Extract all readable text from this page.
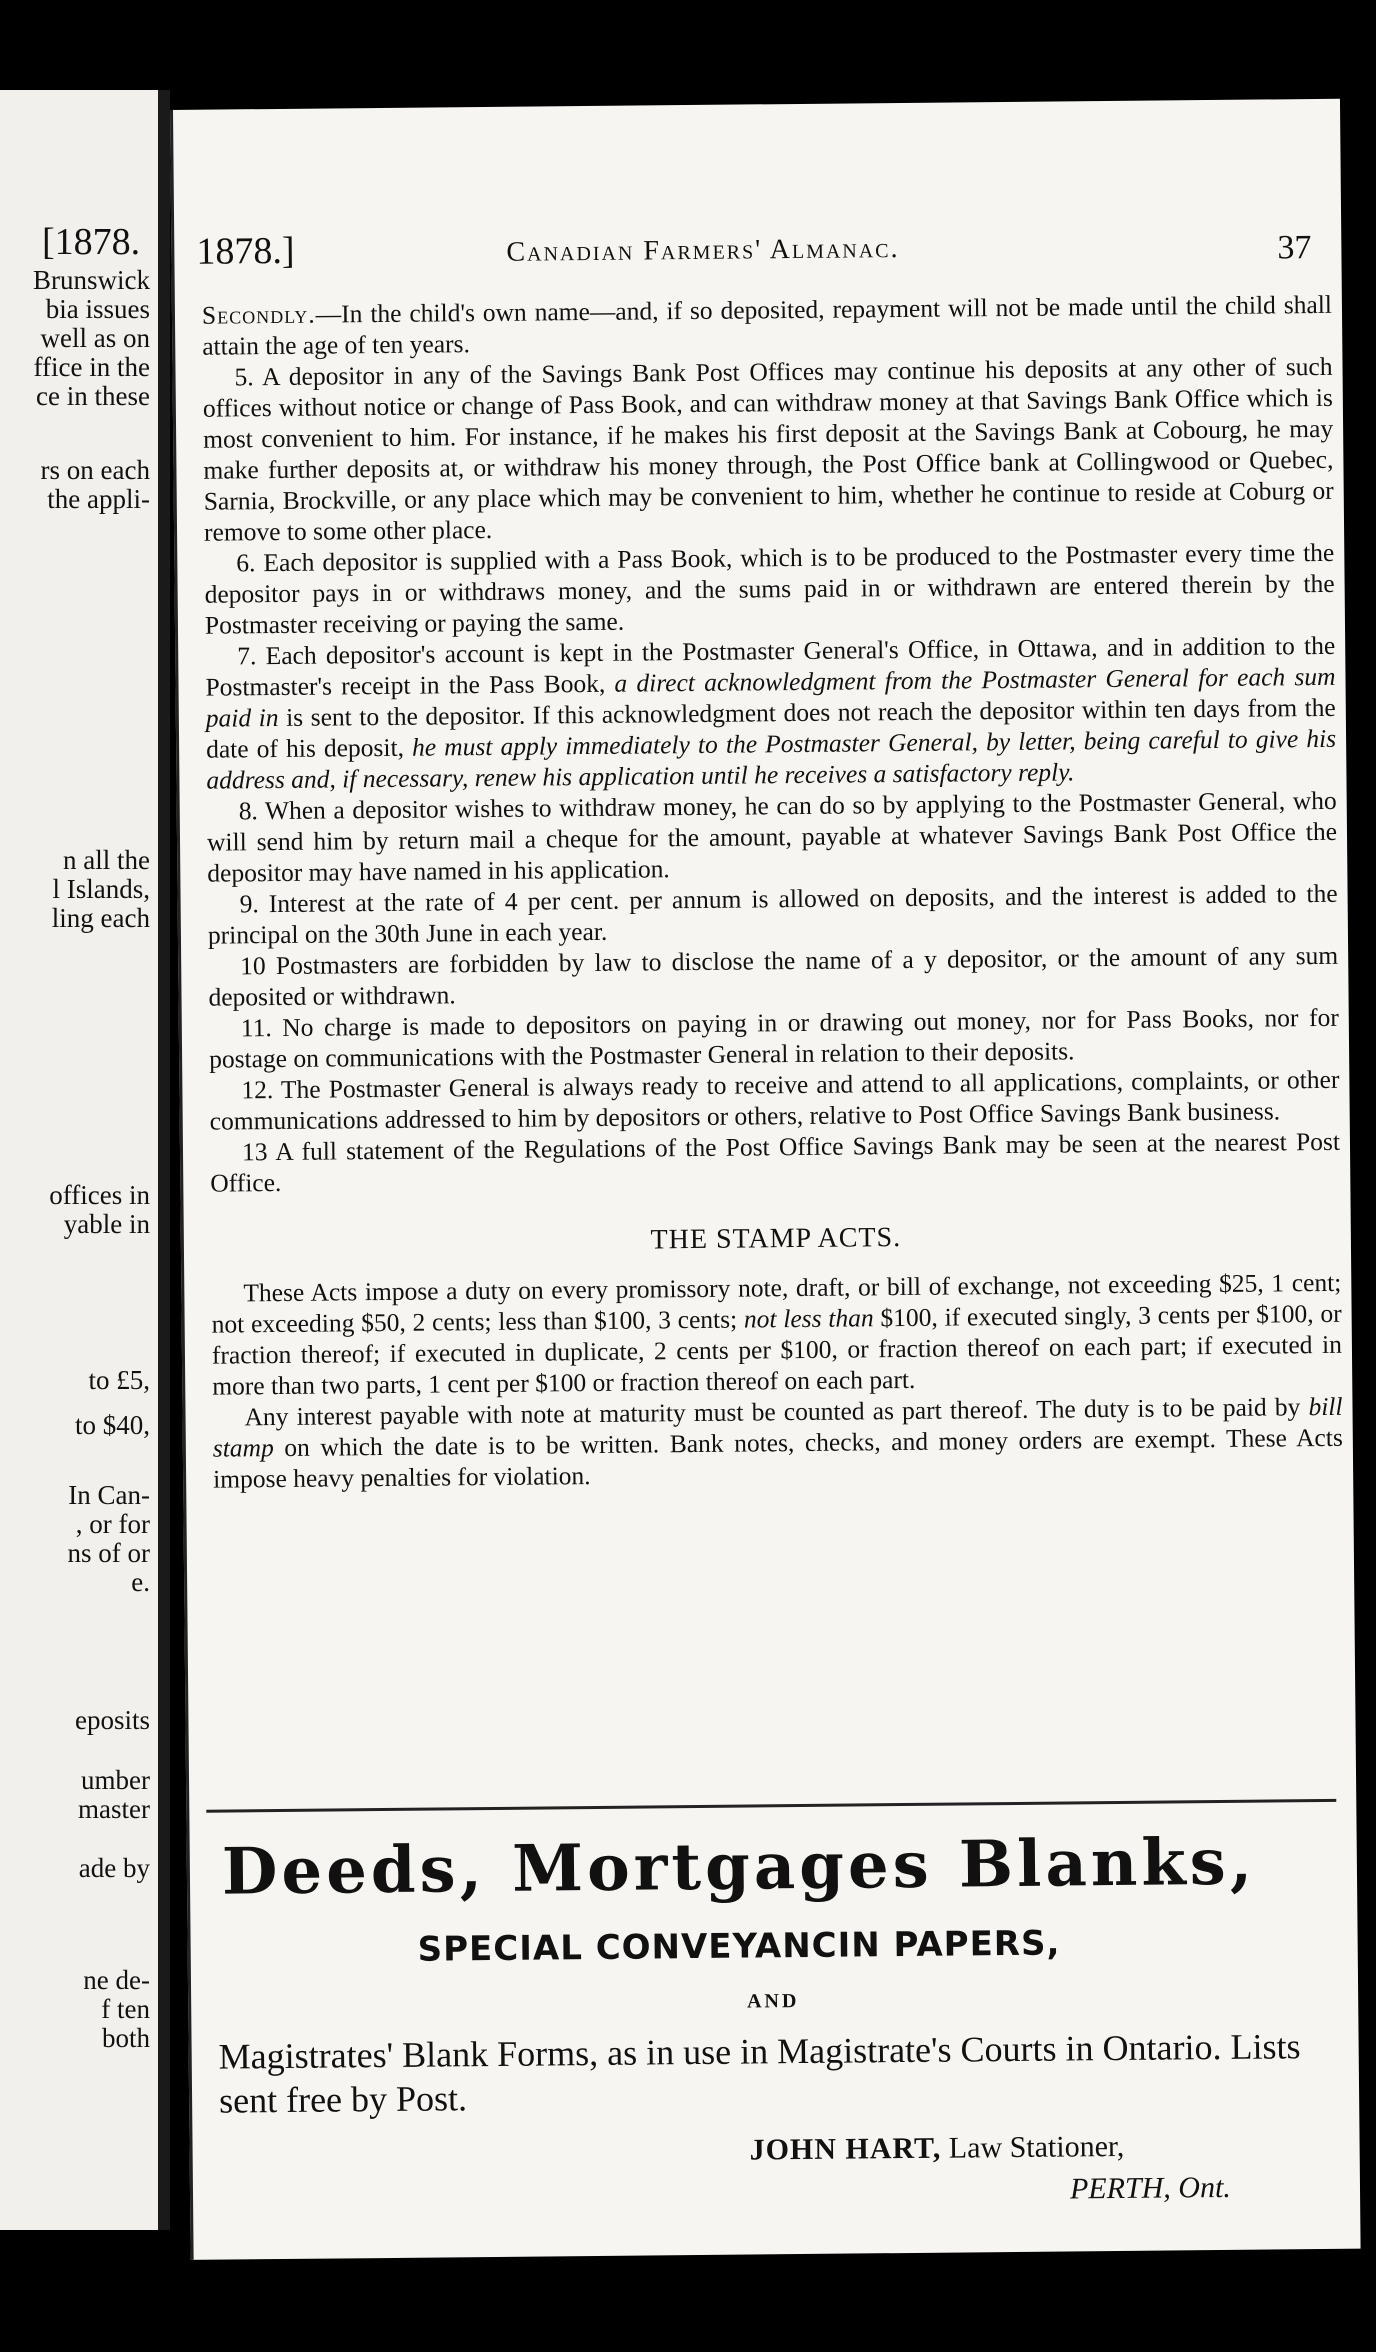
[1878.
Brunswick
bia issues
well as on
ffice in the
ce in these
rs on each
the appli-
n all the
l Islands,
ling each
offices in
yable in
to £5,
to $40,
In Can-
, or for
ns of or
e.
eposits
umber
master
ade by
ne de-
f ten
both
1878.]	Canadian Farmers' Almanac.	37

Secondly.—In the child's own name—and, if so deposited, repayment will not be made until the child shall attain the age of ten years.

5. A depositor in any of the Savings Bank Post Offices may continue his deposits at any other of such offices without notice or change of Pass Book, and can withdraw money at that Savings Bank Office which is most convenient to him. For instance, if he makes his first deposit at the Savings Bank at Cobourg, he may make further deposits at, or withdraw his money through, the Post Office bank at Collingwood or Quebec, Sarnia, Brockville, or any place which may be convenient to him, whether he continue to reside at Coburg or remove to some other place.

6. Each depositor is supplied with a Pass Book, which is to be produced to the Postmaster every time the depositor pays in or withdraws money, and the sums paid in or withdrawn are entered therein by the Postmaster receiving or paying the same.

7. Each depositor's account is kept in the Postmaster General's Office, in Ottawa, and in addition to the Postmaster's receipt in the Pass Book, a direct acknowledgment from the Postmaster General for each sum paid in is sent to the depositor. If this acknowledgment does not reach the depositor within ten days from the date of his deposit, he must apply immediately to the Postmaster General, by letter, being careful to give his address and, if necessary, renew his application until he receives a satisfactory reply.

8. When a depositor wishes to withdraw money, he can do so by applying to the Postmaster General, who will send him by return mail a cheque for the amount, payable at whatever Savings Bank Post Office the depositor may have named in his application.

9. Interest at the rate of 4 per cent. per annum is allowed on deposits, and the interest is added to the principal on the 30th June in each year.

10 Postmasters are forbidden by law to disclose the name of a y depositor, or the amount of any sum deposited or withdrawn.

11. No charge is made to depositors on paying in or drawing out money, nor for Pass Books, nor for postage on communications with the Postmaster General in relation to their deposits.

12. The Postmaster General is always ready to receive and attend to all applications, complaints, or other communications addressed to him by depositors or others, relative to Post Office Savings Bank business.

13 A full statement of the Regulations of the Post Office Savings Bank may be seen at the nearest Post Office.

THE STAMP ACTS.

These Acts impose a duty on every promissory note, draft, or bill of exchange, not exceeding $25, 1 cent; not exceeding $50, 2 cents; less than $100, 3 cents; not less than $100, if executed singly, 3 cents per $100, or fraction thereof; if executed in duplicate, 2 cents per $100, or fraction thereof on each part; if executed in more than two parts, 1 cent per $100 or fraction thereof on each part.

Any interest payable with note at maturity must be counted as part thereof. The duty is to be paid by bill stamp on which the date is to be written. Bank notes, checks, and money orders are exempt. These Acts impose heavy penalties for violation.

Deeds, Mortgages Blanks,
SPECIAL CONVEYANCIN PAPERS,
AND
Magistrates' Blank Forms, as in use in Magistrate's Courts in Ontario. Lists sent free by Post.
JOHN HART, Law Stationer,
PERTH, Ont.
